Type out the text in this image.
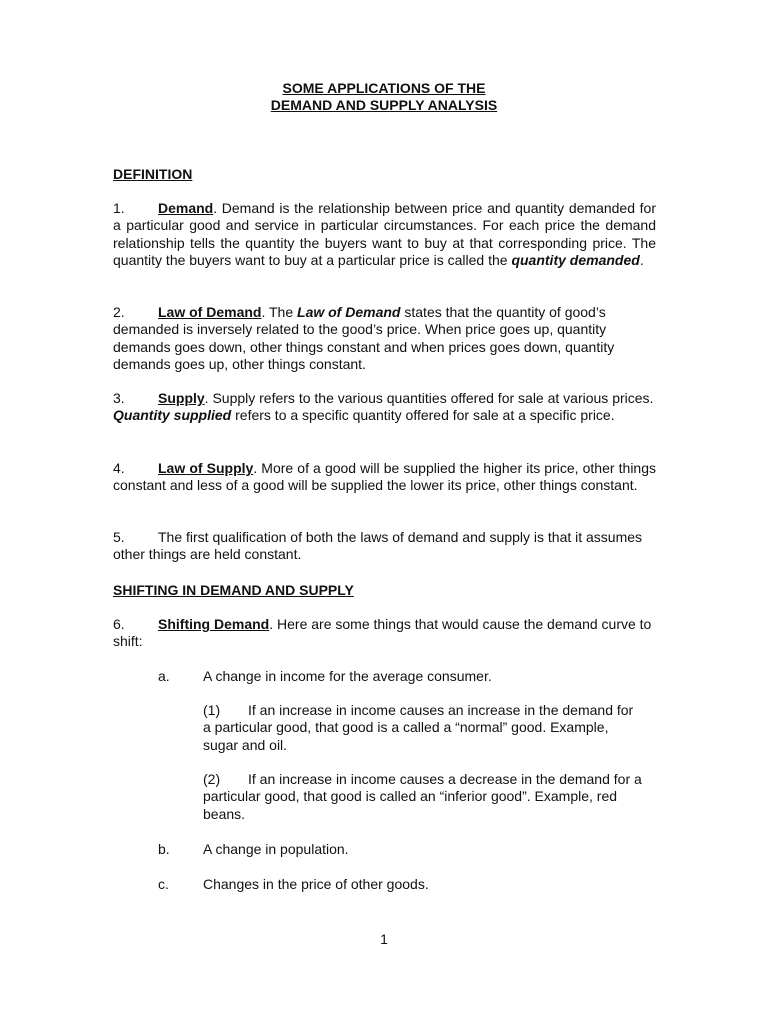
SOME APPLICATIONS OF THE
DEMAND AND SUPPLY ANALYSIS
DEFINITION

1. Demand. Demand is the relationship between price and quantity demanded for a particular good and service in particular circumstances. For each price the demand relationship tells the quantity the buyers want to buy at that corresponding price. The quantity the buyers want to buy at a particular price is called the quantity demanded.

2. Law of Demand. The Law of Demand states that the quantity of good’s demanded is inversely related to the good’s price. When price goes up, quantity demands goes down, other things constant and when prices goes down, quantity demands goes up, other things constant.

3. Supply. Supply refers to the various quantities offered for sale at various prices. Quantity supplied refers to a specific quantity offered for sale at a specific price.

4. Law of Supply. More of a good will be supplied the higher its price, other things constant and less of a good will be supplied the lower its price, other things constant.

5. The first qualification of both the laws of demand and supply is that it assumes other things are held constant.

SHIFTING IN DEMAND AND SUPPLY

6. Shifting Demand. Here are some things that would cause the demand curve to shift:

a. A change in income for the average consumer.

(1) If an increase in income causes an increase in the demand for a particular good, that good is a called a “normal” good. Example, sugar and oil.

(2) If an increase in income causes a decrease in the demand for a particular good, that good is called an “inferior good”. Example, red beans.

b. A change in population.
c. Changes in the price of other goods.
1
